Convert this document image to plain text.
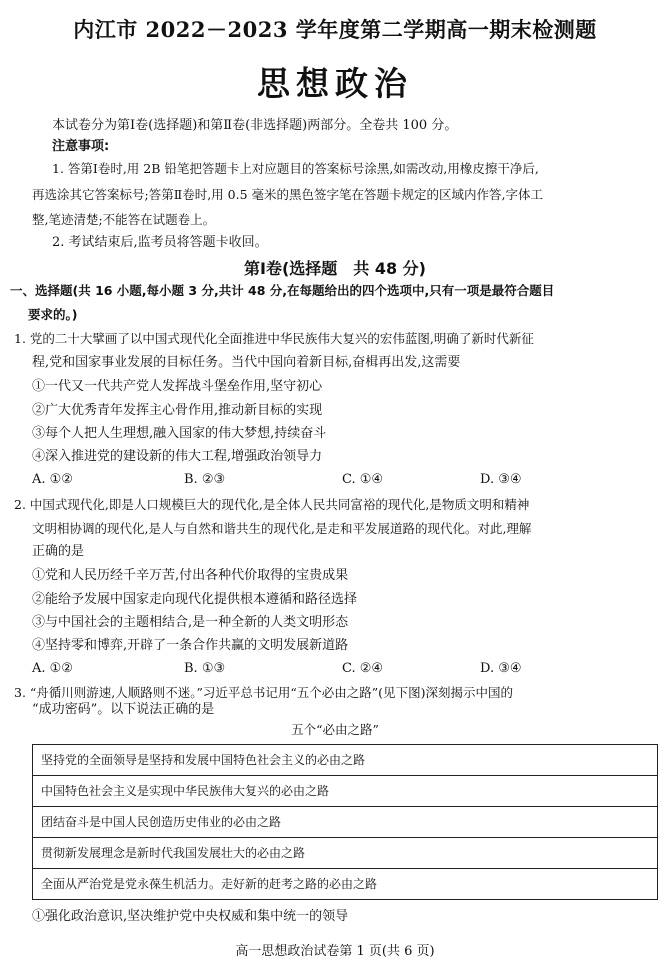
内江市 2022－2023 学年度第二学期高一期末检测题
思想政治
本试卷分为第Ⅰ卷(选择题)和第Ⅱ卷(非选择题)两部分。全卷共 100 分。
注意事项:
1. 答第Ⅰ卷时,用 2B 铅笔把答题卡上对应题目的答案标号涂黑,如需改动,用橡皮擦干净后,
再选涂其它答案标号;答第Ⅱ卷时,用 0.5 毫米的黑色签字笔在答题卡规定的区域内作答,字体工
整,笔迹清楚;不能答在试题卷上。
2. 考试结束后,监考员将答题卡收回。
第Ⅰ卷(选择题　共 48 分)
一、选择题(共 16 小题,每小题 3 分,共计 48 分,在每题给出的四个选项中,只有一项是最符合题目
要求的。)
1. 党的二十大擘画了以中国式现代化全面推进中华民族伟大复兴的宏伟蓝图,明确了新时代新征
程,党和国家事业发展的目标任务。当代中国向着新目标,奋楫再出发,这需要
①一代又一代共产党人发挥战斗堡垒作用,坚守初心
②广大优秀青年发挥主心骨作用,推动新目标的实现
③每个人把人生理想,融入国家的伟大梦想,持续奋斗
④深入推进党的建设新的伟大工程,增强政治领导力
A. ①②	B. ②③	C. ①④	D. ③④
2. 中国式现代化,即是人口规模巨大的现代化,是全体人民共同富裕的现代化,是物质文明和精神
文明相协调的现代化,是人与自然和谐共生的现代化,是走和平发展道路的现代化。对此,理解
正确的是
①党和人民历经千辛万苦,付出各种代价取得的宝贵成果
②能给予发展中国家走向现代化提供根本遵循和路径选择
③与中国社会的主题相结合,是一种全新的人类文明形态
④坚持零和博弈,开辟了一条合作共赢的文明发展新道路
A. ①②	B. ①③	C. ②④	D. ③④
3. “舟循川则游速,人顺路则不迷。”习近平总书记用“五个必由之路”(见下图)深刻揭示中国的
“成功密码”。以下说法正确的是
五个“必由之路”
坚持党的全面领导是坚持和发展中国特色社会主义的必由之路
中国特色社会主义是实现中华民族伟大复兴的必由之路
团结奋斗是中国人民创造历史伟业的必由之路
贯彻新发展理念是新时代我国发展壮大的必由之路
全面从严治党是党永葆生机活力。走好新的赶考之路的必由之路
①强化政治意识,坚决维护党中央权威和集中统一的领导
高一思想政治试卷第 1 页(共 6 页)
